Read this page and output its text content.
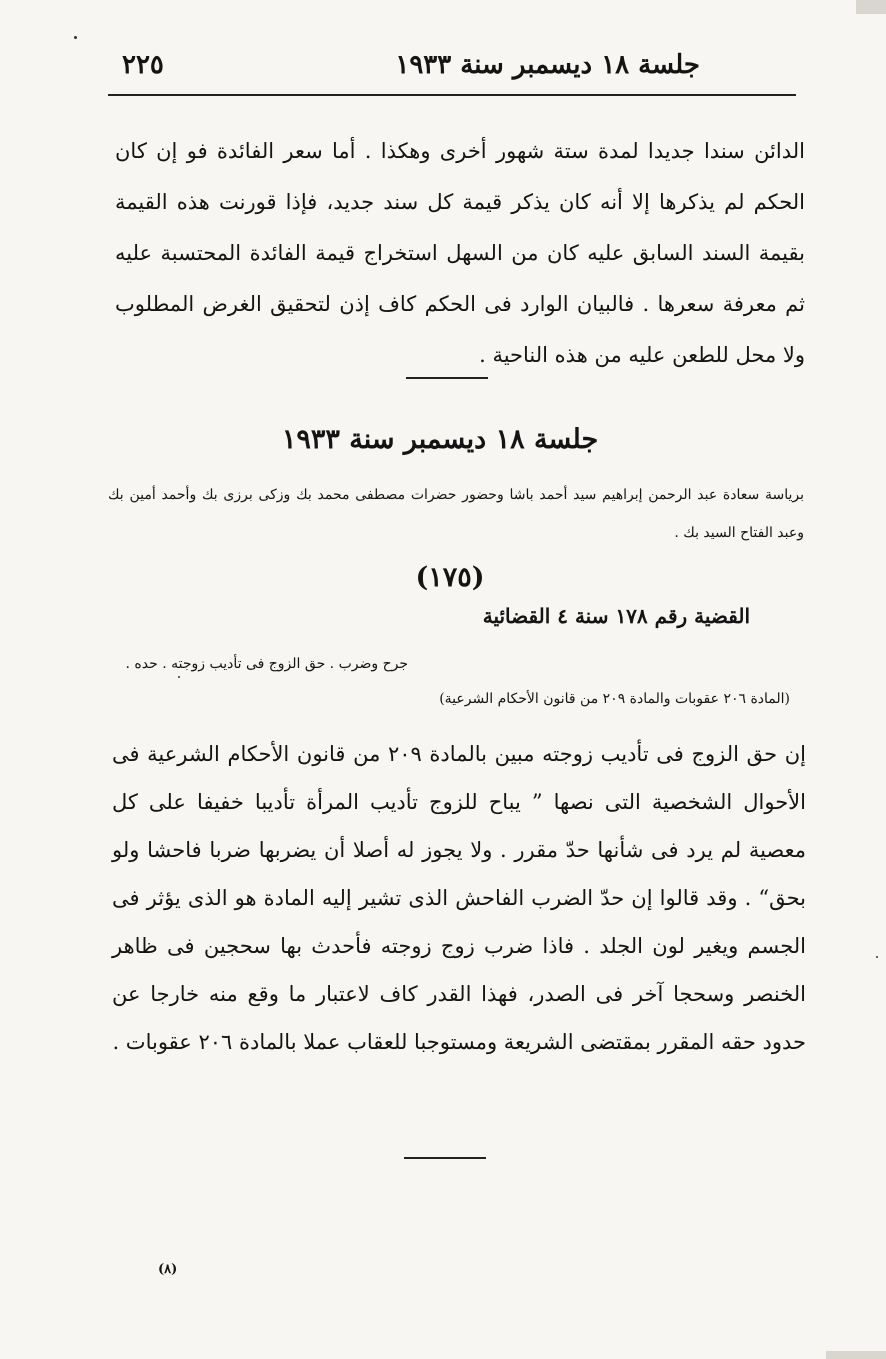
جلسة ١٨ ديسمبر سنة ١٩٣٣
٢٢٥
الدائن سندا جديدا لمدة ستة شهور أخرى وهكذا . أما سعر الفائدة فو إن كان الحكم لم يذكرها إلا أنه كان يذكر قيمة كل سند جديد، فإذا قورنت هذه القيمة بقيمة السند السابق عليه كان من السهل استخراج قيمة الفائدة المحتسبة عليه ثم معرفة سعرها . فالبيان الوارد فى الحكم كاف إذن لتحقيق الغرض المطلوب ولا محل للطعن عليه من هذه الناحية .
جلسة ١٨ ديسمبر سنة ١٩٣٣
برياسة سعادة عبد الرحمن إبراهيم سيد أحمد باشا وحضور حضرات مصطفى محمد بك وزكى برزى بك وأحمد أمين بك وعبد الفتاح السيد بك .
(١٧٥)
القضية رقم ١٧٨ سنة ٤ القضائية
جرح وضرب . حق الزوج فى تأديب زوجته . حده .
(المادة ٢٠٦ عقوبات والمادة ٢٠٩ من قانون الأحكام الشرعية)
إن حق الزوج فى تأديب زوجته مبين بالمادة ٢٠٩ من قانون الأحكام الشرعية فى الأحوال الشخصية التى نصها ” يباح للزوج تأديب المرأة تأديبا خفيفا على كل معصية لم يرد فى شأنها حدّ مقرر . ولا يجوز له أصلا أن يضربها ضربا فاحشا ولو بحق“ . وقد قالوا إن حدّ الضرب الفاحش الذى تشير إليه المادة هو الذى يؤثر فى الجسم ويغير لون الجلد . فاذا ضرب زوج زوجته فأحدث بها سحجين فى ظاهر الخنصر وسحجا آخر فى الصدر، فهذا القدر كاف لاعتبار ما وقع منه خارجا عن حدود حقه المقرر بمقتضى الشريعة ومستوجبا للعقاب عملا بالمادة ٢٠٦ عقوبات .
(٨)
